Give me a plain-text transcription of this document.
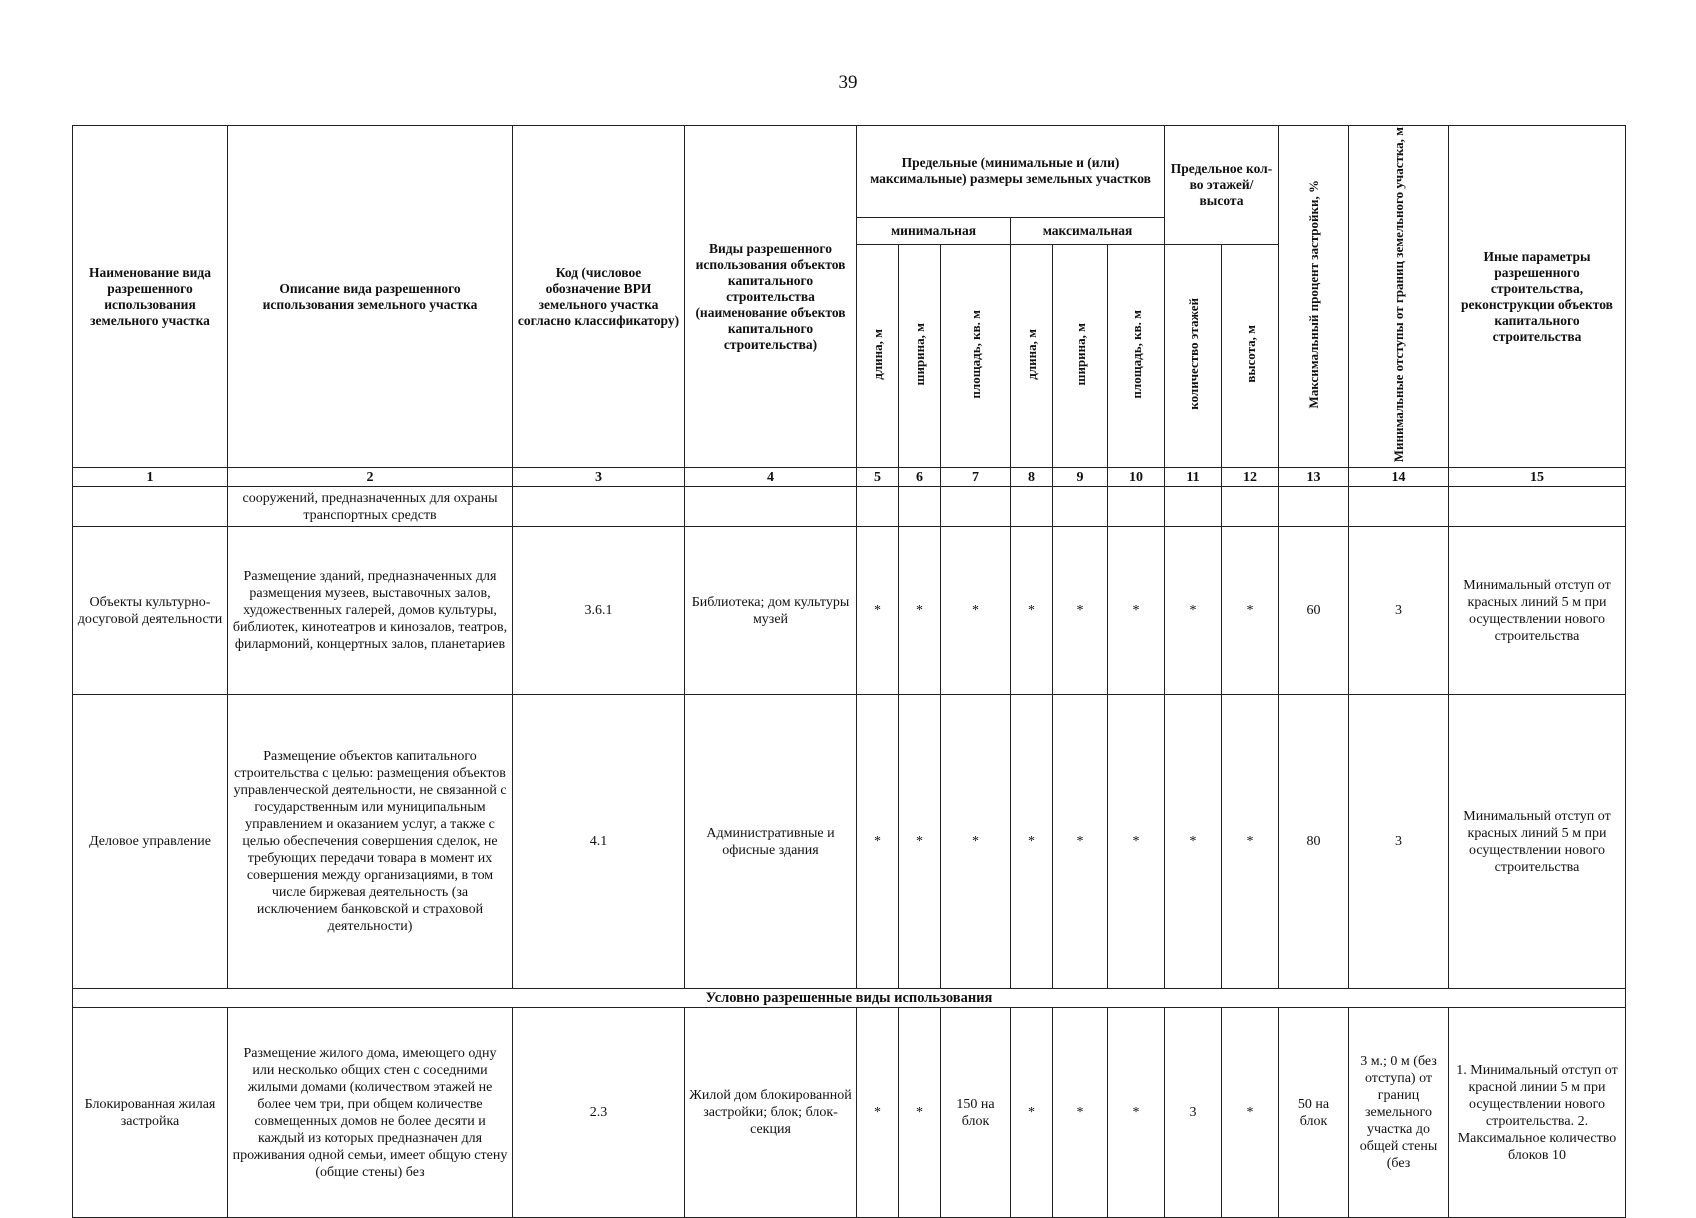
39
Наименование вида разрешенного использования земельного участка	Описание вида разрешенного использования земельного участка	Код (числовое обозначение ВРИ земельного участка согласно классификатору)	Виды разрешенного использования объектов капитального строительства (наименование объектов капитального строительства)	Предельные (минимальные и (или) максимальные) размеры земельных участков						Предельное кол-во этажей/высота		Максимальный процент застройки, %	Минимальные отступы от границ земельного участка, м	Иные параметры разрешенного строительства, реконструкции объектов капитального строительства
				минимальная			максимальная							
				длина, м	ширина, м	площадь, кв. м	длина, м	ширина, м	площадь, кв. м	количество этажей	высота, м			
1	2	3	4	5	6	7	8	9	10	11	12	13	14	15
	сооружений, предназначенных для охраны транспортных средств													
Объекты культурно-досуговой деятельности	Размещение зданий, предназначенных для размещения музеев, выставочных залов, художественных галерей, домов культуры, библиотек, кинотеатров и кинозалов, театров, филармоний, концертных залов, планетариев	3.6.1	Библиотека; дом культуры музей	*	*	*	*	*	*	*	*	60	3	Минимальный отступ от красных линий 5 м при осуществлении нового строительства
Деловое управление	Размещение объектов капитального строительства с целью: размещения объектов управленческой деятельности, не связанной с государственным или муниципальным управлением и оказанием услуг, а также с целью обеспечения совершения сделок, не требующих передачи товара в момент их совершения между организациями, в том числе биржевая деятельность (за исключением банковской и страховой деятельности)	4.1	Административные и офисные здания	*	*	*	*	*	*	*	*	80	3	Минимальный отступ от красных линий 5 м при осуществлении нового строительства
Условно разрешенные виды использования														
Блокированная жилая застройка	Размещение жилого дома, имеющего одну или несколько общих стен с соседними жилыми домами (количеством этажей не более чем три, при общем количестве совмещенных домов не более десяти и каждый из которых предназначен для проживания одной семьи, имеет общую стену (общие стены) без	2.3	Жилой дом блокированной застройки; блок; блок-секция	*	*	150 на блок	*	*	*	3	*	50 на блок	3 м.; 0 м (без отступа) от границ земельного участка до общей стены (без	1. Минимальный отступ от красной линии 5 м при осуществлении нового строительства. 2. Максимальное количество блоков 10
